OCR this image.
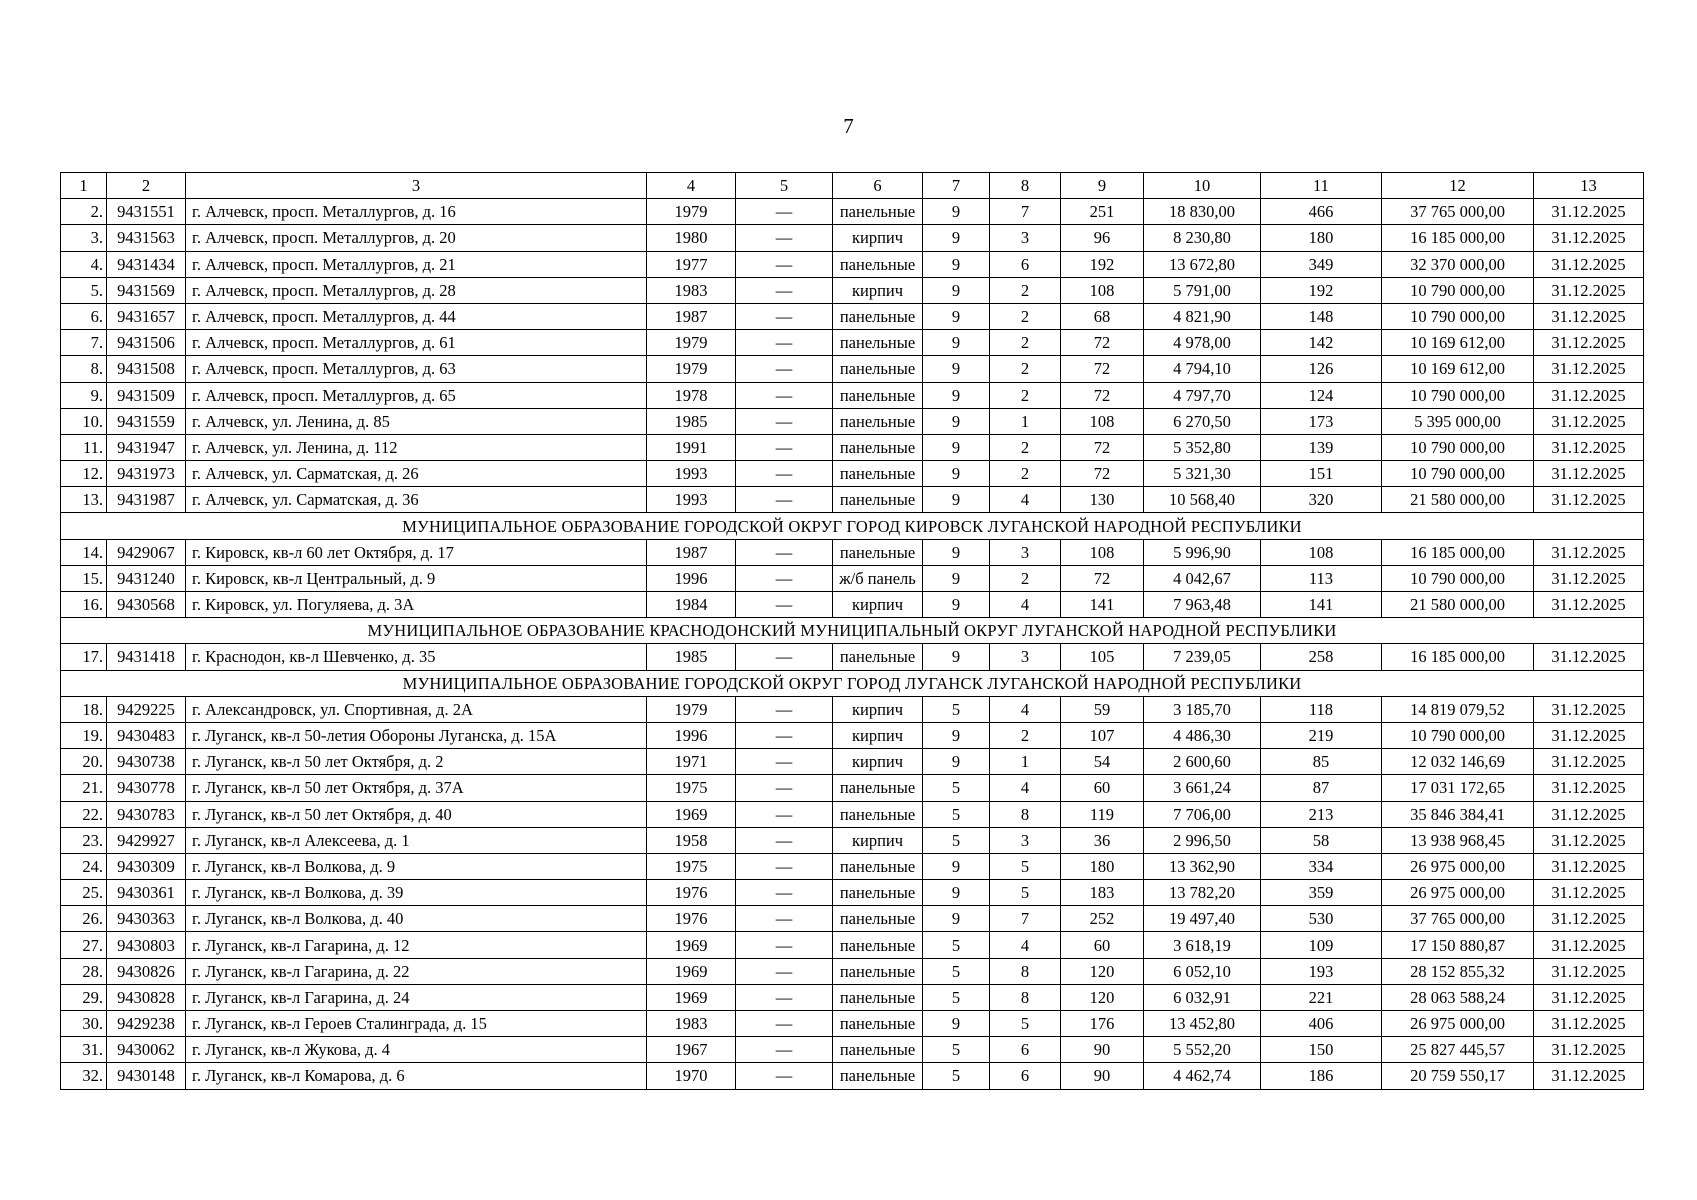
7
1	2	3	4	5	6	7	8	9	10	11	12	13
2.	9431551	г. Алчевск, просп. Металлургов, д. 16	1979	—	панельные	9	7	251	18 830,00	466	37 765 000,00	31.12.2025
3.	9431563	г. Алчевск, просп. Металлургов, д. 20	1980	—	кирпич	9	3	96	8 230,80	180	16 185 000,00	31.12.2025
4.	9431434	г. Алчевск, просп. Металлургов, д. 21	1977	—	панельные	9	6	192	13 672,80	349	32 370 000,00	31.12.2025
5.	9431569	г. Алчевск, просп. Металлургов, д. 28	1983	—	кирпич	9	2	108	5 791,00	192	10 790 000,00	31.12.2025
6.	9431657	г. Алчевск, просп. Металлургов, д. 44	1987	—	панельные	9	2	68	4 821,90	148	10 790 000,00	31.12.2025
7.	9431506	г. Алчевск, просп. Металлургов, д. 61	1979	—	панельные	9	2	72	4 978,00	142	10 169 612,00	31.12.2025
8.	9431508	г. Алчевск, просп. Металлургов, д. 63	1979	—	панельные	9	2	72	4 794,10	126	10 169 612,00	31.12.2025
9.	9431509	г. Алчевск, просп. Металлургов, д. 65	1978	—	панельные	9	2	72	4 797,70	124	10 790 000,00	31.12.2025
10.	9431559	г. Алчевск, ул. Ленина, д. 85	1985	—	панельные	9	1	108	6 270,50	173	5 395 000,00	31.12.2025
11.	9431947	г. Алчевск, ул. Ленина, д. 112	1991	—	панельные	9	2	72	5 352,80	139	10 790 000,00	31.12.2025
12.	9431973	г. Алчевск, ул. Сарматская, д. 26	1993	—	панельные	9	2	72	5 321,30	151	10 790 000,00	31.12.2025
13.	9431987	г. Алчевск, ул. Сарматская, д. 36	1993	—	панельные	9	4	130	10 568,40	320	21 580 000,00	31.12.2025
МУНИЦИПАЛЬНОЕ ОБРАЗОВАНИЕ ГОРОДСКОЙ ОКРУГ ГОРОД КИРОВСК ЛУГАНСКОЙ НАРОДНОЙ РЕСПУБЛИКИ												
14.	9429067	г. Кировск, кв-л 60 лет Октября, д. 17	1987	—	панельные	9	3	108	5 996,90	108	16 185 000,00	31.12.2025
15.	9431240	г. Кировск, кв-л Центральный, д. 9	1996	—	ж/б панель	9	2	72	4 042,67	113	10 790 000,00	31.12.2025
16.	9430568	г. Кировск, ул. Погуляева, д. 3А	1984	—	кирпич	9	4	141	7 963,48	141	21 580 000,00	31.12.2025
МУНИЦИПАЛЬНОЕ ОБРАЗОВАНИЕ КРАСНОДОНСКИЙ МУНИЦИПАЛЬНЫЙ ОКРУГ ЛУГАНСКОЙ НАРОДНОЙ РЕСПУБЛИКИ												
17.	9431418	г. Краснодон, кв-л Шевченко, д. 35	1985	—	панельные	9	3	105	7 239,05	258	16 185 000,00	31.12.2025
МУНИЦИПАЛЬНОЕ ОБРАЗОВАНИЕ ГОРОДСКОЙ ОКРУГ ГОРОД ЛУГАНСК ЛУГАНСКОЙ НАРОДНОЙ РЕСПУБЛИКИ												
18.	9429225	г. Александровск, ул. Спортивная, д. 2А	1979	—	кирпич	5	4	59	3 185,70	118	14 819 079,52	31.12.2025
19.	9430483	г. Луганск, кв-л 50-летия Обороны Луганска, д. 15А	1996	—	кирпич	9	2	107	4 486,30	219	10 790 000,00	31.12.2025
20.	9430738	г. Луганск, кв-л 50 лет Октября, д. 2	1971	—	кирпич	9	1	54	2 600,60	85	12 032 146,69	31.12.2025
21.	9430778	г. Луганск, кв-л 50 лет Октября, д. 37А	1975	—	панельные	5	4	60	3 661,24	87	17 031 172,65	31.12.2025
22.	9430783	г. Луганск, кв-л 50 лет Октября, д. 40	1969	—	панельные	5	8	119	7 706,00	213	35 846 384,41	31.12.2025
23.	9429927	г. Луганск, кв-л Алексеева, д. 1	1958	—	кирпич	5	3	36	2 996,50	58	13 938 968,45	31.12.2025
24.	9430309	г. Луганск, кв-л Волкова, д. 9	1975	—	панельные	9	5	180	13 362,90	334	26 975 000,00	31.12.2025
25.	9430361	г. Луганск, кв-л Волкова, д. 39	1976	—	панельные	9	5	183	13 782,20	359	26 975 000,00	31.12.2025
26.	9430363	г. Луганск, кв-л Волкова, д. 40	1976	—	панельные	9	7	252	19 497,40	530	37 765 000,00	31.12.2025
27.	9430803	г. Луганск, кв-л Гагарина, д. 12	1969	—	панельные	5	4	60	3 618,19	109	17 150 880,87	31.12.2025
28.	9430826	г. Луганск, кв-л Гагарина, д. 22	1969	—	панельные	5	8	120	6 052,10	193	28 152 855,32	31.12.2025
29.	9430828	г. Луганск, кв-л Гагарина, д. 24	1969	—	панельные	5	8	120	6 032,91	221	28 063 588,24	31.12.2025
30.	9429238	г. Луганск, кв-л Героев Сталинграда, д. 15	1983	—	панельные	9	5	176	13 452,80	406	26 975 000,00	31.12.2025
31.	9430062	г. Луганск, кв-л Жукова, д. 4	1967	—	панельные	5	6	90	5 552,20	150	25 827 445,57	31.12.2025
32.	9430148	г. Луганск, кв-л Комарова, д. 6	1970	—	панельные	5	6	90	4 462,74	186	20 759 550,17	31.12.2025
